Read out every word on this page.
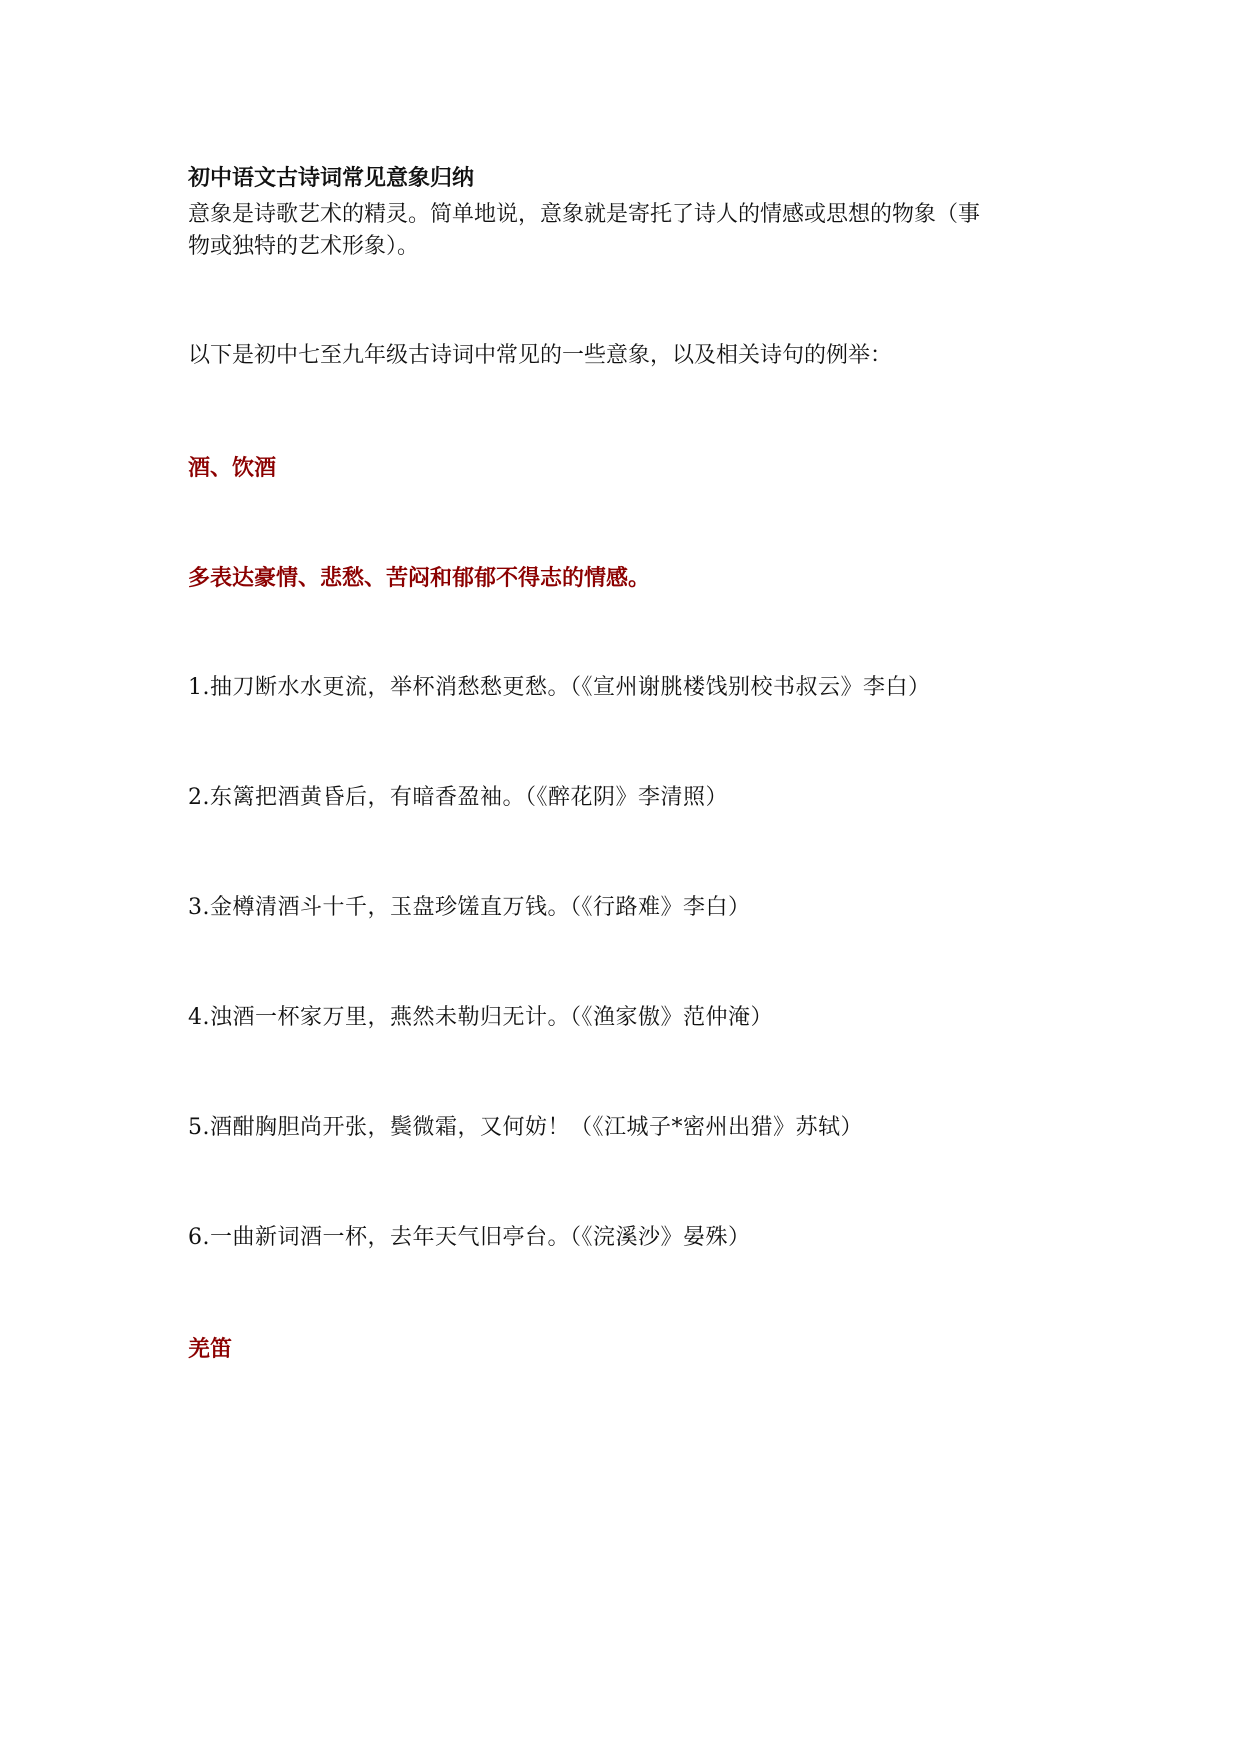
初中语文古诗词常见意象归纳
意象是诗歌艺术的精灵。简单地说，意象就是寄托了诗人的情感或思想的物象（事
物或独特的艺术形象）。
以下是初中七至九年级古诗词中常见的一些意象，以及相关诗句的例举：
酒、饮酒
多表达豪情、悲愁、苦闷和郁郁不得志的情感。
1.抽刀断水水更流，举杯消愁愁更愁。（《宣州谢朓楼饯别校书叔云》李白）
2.东篱把酒黄昏后，有暗香盈袖。（《醉花阴》李清照）
3.金樽清酒斗十千，玉盘珍馐直万钱。（《行路难》李白）
4.浊酒一杯家万里，燕然未勒归无计。（《渔家傲》范仲淹）
5.酒酣胸胆尚开张，鬓微霜，又何妨！（《江城子*密州出猎》苏轼）
6.一曲新词酒一杯，去年天气旧亭台。（《浣溪沙》晏殊）
羌笛
